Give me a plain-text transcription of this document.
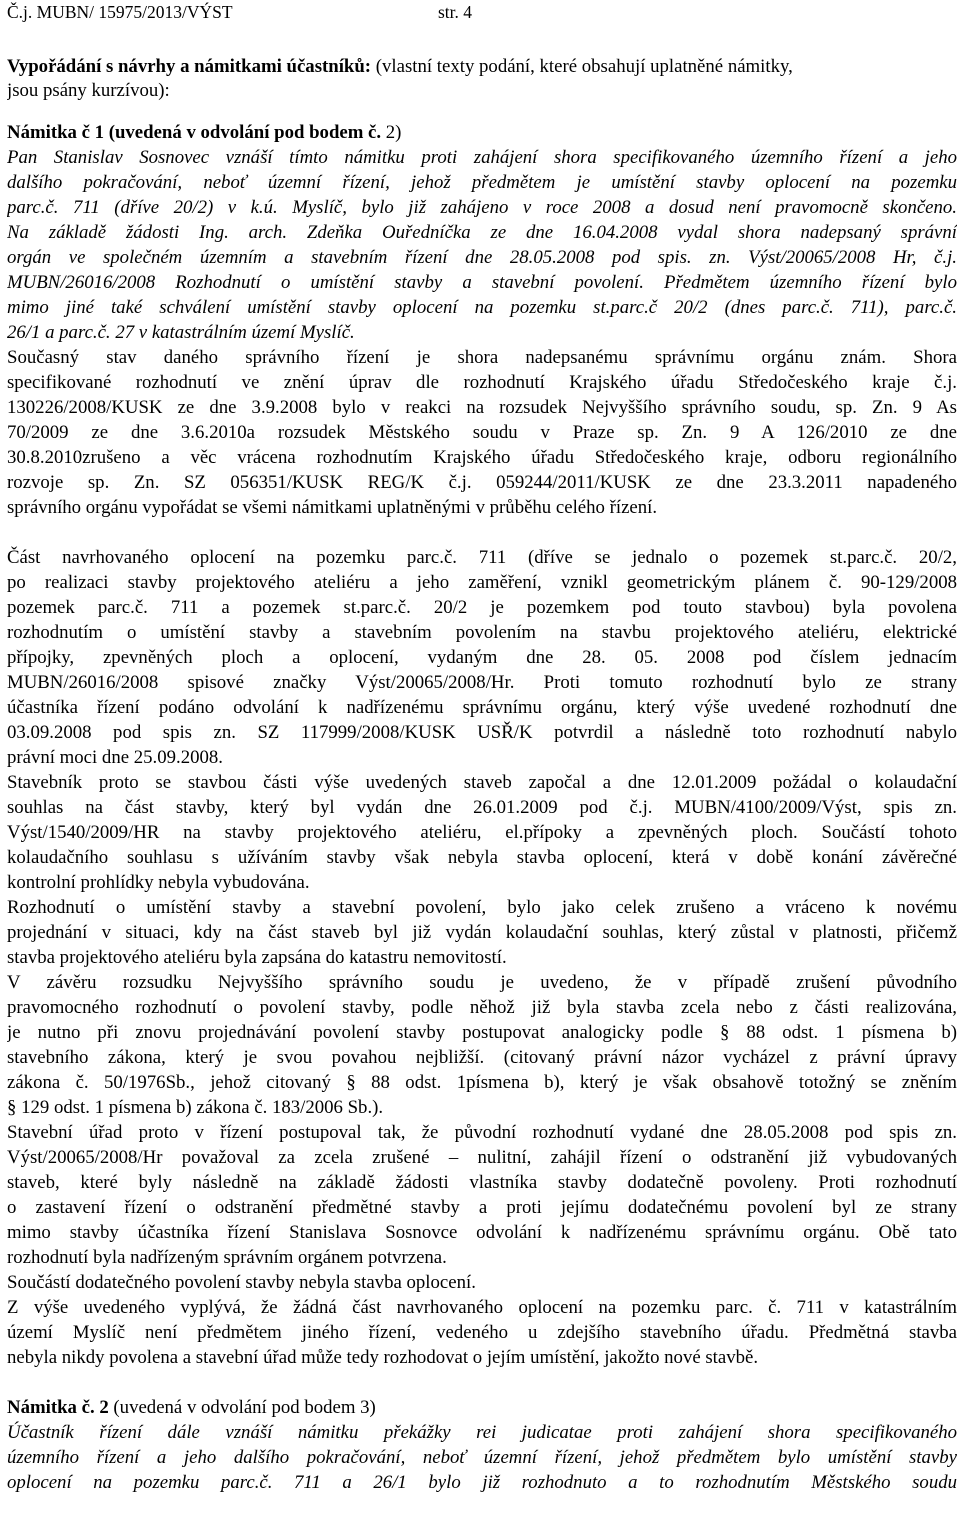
Č.j. MUBN/ 15975/2013/VÝST	str. 4
Vypořádání s návrhy a námitkami účastníků: (vlastní texty podání, které obsahují uplatněné námitky,
jsou psány kurzívou):
Námitka č 1 (uvedená v odvolání pod bodem č. 2)
Pan Stanislav Sosnovec vznáší tímto námitku proti zahájení shora specifikovaného územního řízení a jeho
dalšího pokračování, neboť územní řízení, jehož předmětem je umístění stavby oplocení na pozemku
parc.č. 711 (dříve 20/2) v k.ú. Myslíč, bylo již zahájeno v roce 2008 a dosud není pravomocně skončeno.
Na základě žádosti Ing. arch. Zdeňka Ouředníčka ze dne 16.04.2008 vydal shora nadepsaný správní
orgán ve společném územním a stavebním řízení dne 28.05.2008 pod spis. zn. Výst/20065/2008 Hr, č.j.
MUBN/26016/2008 Rozhodnutí o umístění stavby a stavební povolení. Předmětem územního řízení bylo
mimo jiné také schválení umístění stavby oplocení na pozemku st.parc.č 20/2 (dnes parc.č. 711), parc.č.
26/1 a parc.č. 27 v katastrálním území Myslíč.
Současný stav daného správního řízení je shora nadepsanému správnímu orgánu znám. Shora
specifikované rozhodnutí ve znění úprav dle rozhodnutí Krajského úřadu Středočeského kraje č.j.
130226/2008/KUSK ze dne 3.9.2008 bylo v reakci na rozsudek Nejvyššího správního soudu, sp. Zn. 9 As
70/2009 ze dne 3.6.2010a rozsudek Městského soudu v Praze sp. Zn. 9 A 126/2010 ze dne
30.8.2010zrušeno a věc vrácena rozhodnutím Krajského úřadu Středočeského kraje, odboru regionálního
rozvoje sp. Zn. SZ 056351/KUSK REG/K č.j. 059244/2011/KUSK ze dne 23.3.2011 napadeného
správního orgánu vypořádat se všemi námitkami uplatněnými v průběhu celého řízení.
Část navrhovaného oplocení na pozemku parc.č. 711 (dříve se jednalo o pozemek st.parc.č. 20/2,
po realizaci stavby projektového ateliéru a jeho zaměření, vznikl geometrickým plánem č. 90-129/2008
pozemek parc.č. 711 a pozemek st.parc.č. 20/2 je pozemkem pod touto stavbou) byla povolena
rozhodnutím o umístění stavby a stavebním povolením na stavbu projektového ateliéru, elektrické
přípojky, zpevněných ploch a oplocení, vydaným dne 28. 05. 2008 pod číslem jednacím
MUBN/26016/2008 spisové značky Výst/20065/2008/Hr. Proti tomuto rozhodnutí bylo ze strany
účastníka řízení podáno odvolání k nadřízenému správnímu orgánu, který výše uvedené rozhodnutí dne
03.09.2008 pod spis zn. SZ 117999/2008/KUSK USŘ/K potvrdil a následně toto rozhodnutí nabylo
právní moci dne 25.09.2008.
Stavebník proto se stavbou části výše uvedených staveb započal a dne 12.01.2009 požádal o kolaudační
souhlas na část stavby, který byl vydán dne 26.01.2009 pod č.j. MUBN/4100/2009/Výst, spis zn.
Výst/1540/2009/HR na stavby projektového ateliéru, el.přípoky a zpevněných ploch. Součástí tohoto
kolaudačního souhlasu s užíváním stavby však nebyla stavba oplocení, která v době konání závěrečné
kontrolní prohlídky nebyla vybudována.
Rozhodnutí o umístění stavby a stavební povolení, bylo jako celek zrušeno a vráceno k novému
projednání v situaci, kdy na část staveb byl již vydán kolaudační souhlas, který zůstal v platnosti, přičemž
stavba projektového ateliéru byla zapsána do katastru nemovitostí.
V závěru rozsudku Nejvyššího správního soudu je uvedeno, že v případě zrušení původního
pravomocného rozhodnutí o povolení stavby, podle něhož již byla stavba zcela nebo z části realizována,
je nutno při znovu projednávání povolení stavby postupovat analogicky podle § 88 odst. 1 písmena b)
stavebního zákona, který je svou povahou nejbližší. (citovaný právní názor vycházel z právní úpravy
zákona č. 50/1976Sb., jehož citovaný § 88 odst. 1písmena b), který je však obsahově totožný se zněním
§ 129 odst. 1 písmena b) zákona č. 183/2006 Sb.).
Stavební úřad proto v řízení postupoval tak, že původní rozhodnutí vydané dne 28.05.2008 pod spis zn.
Výst/20065/2008/Hr považoval za zcela zrušené – nulitní, zahájil řízení o odstranění již vybudovaných
staveb, které byly následně na základě žádosti vlastníka stavby dodatečně povoleny. Proti rozhodnutí
o zastavení řízení o odstranění předmětné stavby a proti jejímu dodatečnému povolení byl ze strany
mimo stavby účastníka řízení Stanislava Sosnovce odvolání k nadřízenému správnímu orgánu. Obě tato
rozhodnutí byla nadřízeným správním orgánem potvrzena.
Součástí dodatečného povolení stavby nebyla stavba oplocení.
Z výše uvedeného vyplývá, že žádná část navrhovaného oplocení na pozemku parc. č. 711 v katastrálním
území Myslíč není předmětem jiného řízení, vedeného u zdejšího stavebního úřadu. Předmětná stavba
nebyla nikdy povolena a stavební úřad může tedy rozhodovat o jejím umístění, jakožto nové stavbě.
Námitka č. 2 (uvedená v odvolání pod bodem 3)
Účastník řízení dále vznáší námitku překážky rei judicatae proti zahájení shora specifikovaného
územního řízení a jeho dalšího pokračování, neboť územní řízení, jehož předmětem bylo umístění stavby
oplocení na pozemku parc.č. 711 a 26/1 bylo již rozhodnuto a to rozhodnutím Městského soudu
